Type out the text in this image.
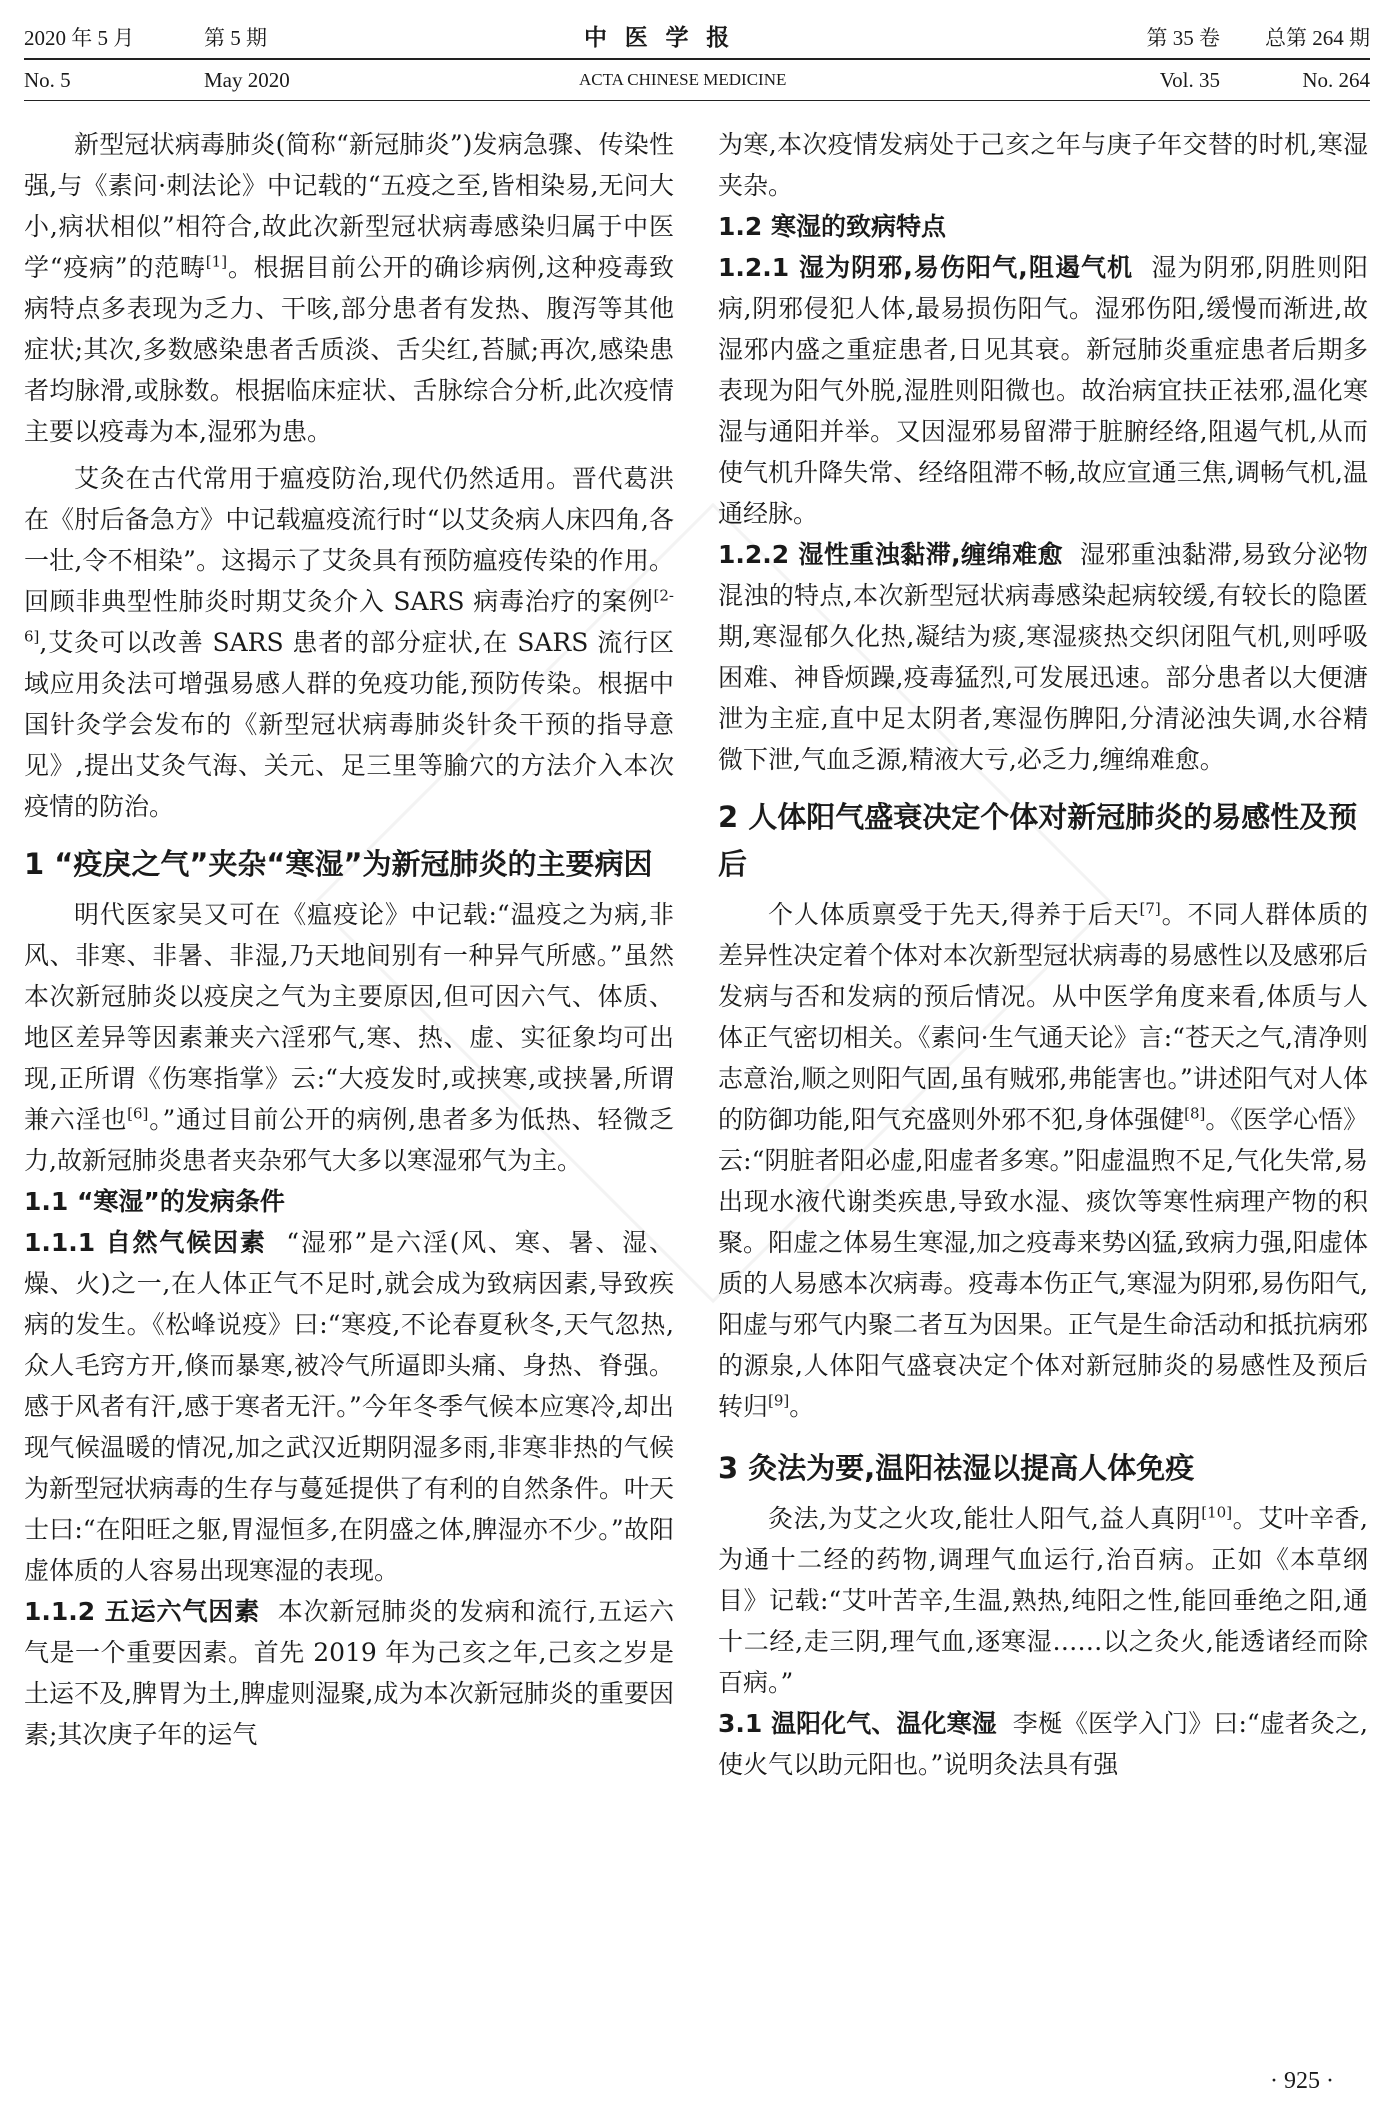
2020 年 5 月	第 5 期	中 医 学 报	第 35 卷 总第 264 期
No. 5	May 2020	ACTA CHINESE MEDICINE	Vol. 35	No. 264

新型冠状病毒肺炎(简称“新冠肺炎”)发病急骤、传染性强,与《素问·刺法论》中记载的“五疫之至,皆相染易,无问大小,病状相似”相符合,故此次新型冠状病毒感染归属于中医学“疫病”的范畴[1]。根据目前公开的确诊病例,这种疫毒致病特点多表现为乏力、干咳,部分患者有发热、腹泻等其他症状;其次,多数感染患者舌质淡、舌尖红,苔腻;再次,感染患者均脉滑,或脉数。根据临床症状、舌脉综合分析,此次疫情主要以疫毒为本,湿邪为患。

艾灸在古代常用于瘟疫防治,现代仍然适用。晋代葛洪在《肘后备急方》中记载瘟疫流行时“以艾灸病人床四角,各一壮,令不相染”。这揭示了艾灸具有预防瘟疫传染的作用。回顾非典型性肺炎时期艾灸介入 SARS 病毒治疗的案例[2-6],艾灸可以改善 SARS 患者的部分症状,在 SARS 流行区域应用灸法可增强易感人群的免疫功能,预防传染。根据中国针灸学会发布的《新型冠状病毒肺炎针灸干预的指导意见》,提出艾灸气海、关元、足三里等腧穴的方法介入本次疫情的防治。

1 “疫戾之气”夹杂“寒湿”为新冠肺炎的主要病因

明代医家吴又可在《瘟疫论》中记载:“温疫之为病,非风、非寒、非暑、非湿,乃天地间别有一种异气所感。”虽然本次新冠肺炎以疫戾之气为主要原因,但可因六气、体质、地区差异等因素兼夹六淫邪气,寒、热、虚、实征象均可出现,正所谓《伤寒指掌》云:“大疫发时,或挟寒,或挟暑,所谓兼六淫也[6]。”通过目前公开的病例,患者多为低热、轻微乏力,故新冠肺炎患者夹杂邪气大多以寒湿邪气为主。

1.1 “寒湿”的发病条件

1.1.1 自然气候因素 “湿邪”是六淫(风、寒、暑、湿、燥、火)之一,在人体正气不足时,就会成为致病因素,导致疾病的发生。《松峰说疫》曰:“寒疫,不论春夏秋冬,天气忽热,众人毛窍方开,倏而暴寒,被冷气所逼即头痛、身热、脊强。感于风者有汗,感于寒者无汗。”今年冬季气候本应寒冷,却出现气候温暖的情况,加之武汉近期阴湿多雨,非寒非热的气候为新型冠状病毒的生存与蔓延提供了有利的自然条件。叶天士曰:“在阳旺之躯,胃湿恒多,在阴盛之体,脾湿亦不少。”故阳虚体质的人容易出现寒湿的表现。

1.1.2 五运六气因素 本次新冠肺炎的发病和流行,五运六气是一个重要因素。首先 2019 年为己亥之年,己亥之岁是土运不及,脾胃为土,脾虚则湿聚,成为本次新冠肺炎的重要因素;其次庚子年的运气

为寒,本次疫情发病处于己亥之年与庚子年交替的时机,寒湿夹杂。

1.2 寒湿的致病特点

1.2.1 湿为阴邪,易伤阳气,阻遏气机 湿为阴邪,阴胜则阳病,阴邪侵犯人体,最易损伤阳气。湿邪伤阳,缓慢而渐进,故湿邪内盛之重症患者,日见其衰。新冠肺炎重症患者后期多表现为阳气外脱,湿胜则阳微也。故治病宜扶正祛邪,温化寒湿与通阳并举。又因湿邪易留滞于脏腑经络,阻遏气机,从而使气机升降失常、经络阻滞不畅,故应宣通三焦,调畅气机,温通经脉。

1.2.2 湿性重浊黏滞,缠绵难愈 湿邪重浊黏滞,易致分泌物混浊的特点,本次新型冠状病毒感染起病较缓,有较长的隐匿期,寒湿郁久化热,凝结为痰,寒湿痰热交织闭阻气机,则呼吸困难、神昏烦躁,疫毒猛烈,可发展迅速。部分患者以大便溏泄为主症,直中足太阴者,寒湿伤脾阳,分清泌浊失调,水谷精微下泄,气血乏源,精液大亏,必乏力,缠绵难愈。

2 人体阳气盛衰决定个体对新冠肺炎的易感性及预后

个人体质禀受于先天,得养于后天[7]。不同人群体质的差异性决定着个体对本次新型冠状病毒的易感性以及感邪后发病与否和发病的预后情况。从中医学角度来看,体质与人体正气密切相关。《素问·生气通天论》言:“苍天之气,清净则志意治,顺之则阳气固,虽有贼邪,弗能害也。”讲述阳气对人体的防御功能,阳气充盛则外邪不犯,身体强健[8]。《医学心悟》云:“阴脏者阳必虚,阳虚者多寒。”阳虚温煦不足,气化失常,易出现水液代谢类疾患,导致水湿、痰饮等寒性病理产物的积聚。阳虚之体易生寒湿,加之疫毒来势凶猛,致病力强,阳虚体质的人易感本次病毒。疫毒本伤正气,寒湿为阴邪,易伤阳气,阳虚与邪气内聚二者互为因果。正气是生命活动和抵抗病邪的源泉,人体阳气盛衰决定个体对新冠肺炎的易感性及预后转归[9]。

3 灸法为要,温阳祛湿以提高人体免疫

灸法,为艾之火攻,能壮人阳气,益人真阴[10]。艾叶辛香,为通十二经的药物,调理气血运行,治百病。正如《本草纲目》记载:“艾叶苦辛,生温,熟热,纯阳之性,能回垂绝之阳,通十二经,走三阴,理气血,逐寒湿……以之灸火,能透诸经而除百病。”

3.1 温阳化气、温化寒湿 李梴《医学入门》曰:“虚者灸之,使火气以助元阳也。”说明灸法具有强

· 925 ·
